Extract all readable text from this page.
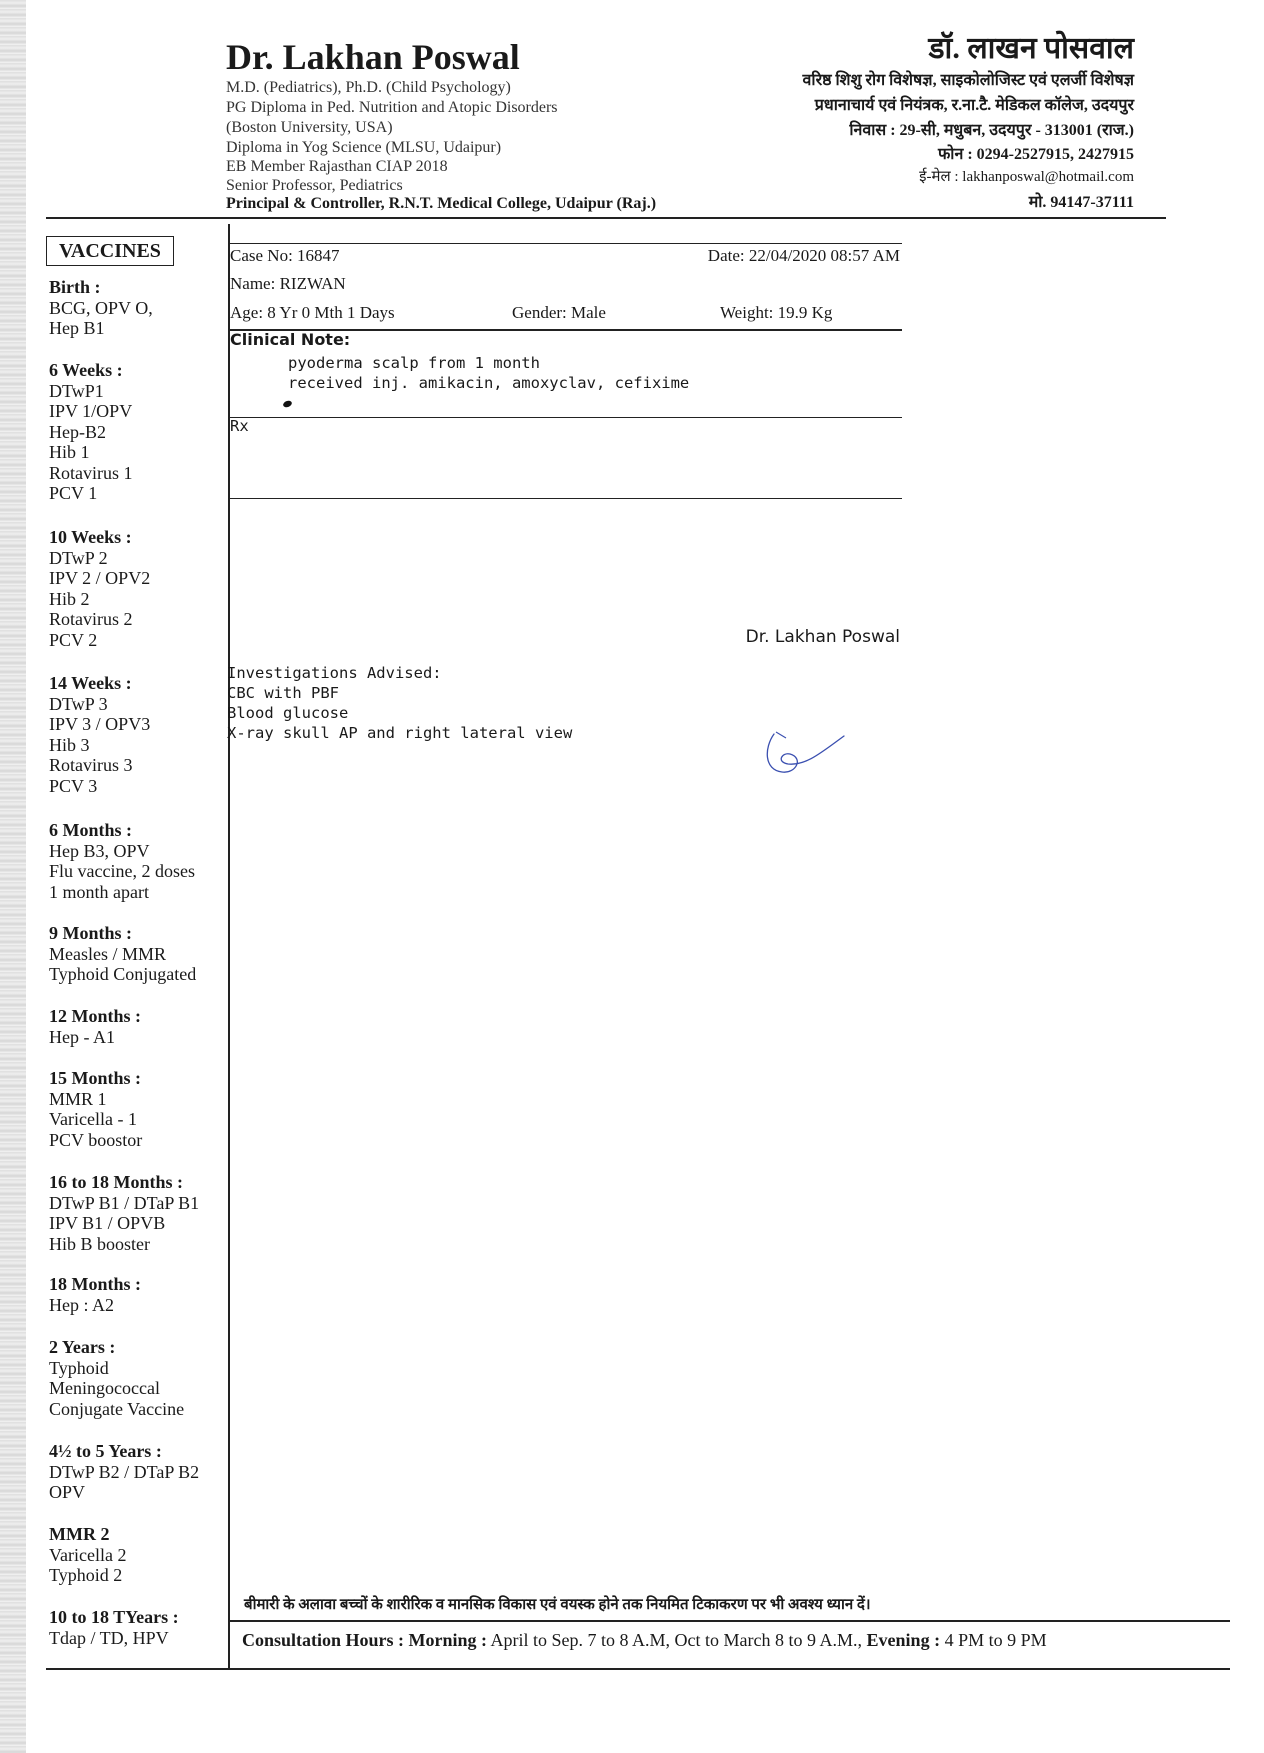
Dr. Lakhan Poswal
M.D. (Pediatrics), Ph.D. (Child Psychology)
PG Diploma in Ped. Nutrition and Atopic Disorders
(Boston University, USA)
Diploma in Yog Science (MLSU, Udaipur)
EB Member Rajasthan CIAP 2018
Senior Professor, Pediatrics
Principal & Controller, R.N.T. Medical College, Udaipur (Raj.)
डॉ. लाखन पोसवाल
वरिष्ठ शिशु रोग विशेषज्ञ, साइकोलोजिस्ट एवं एलर्जी विशेषज्ञ
प्रधानाचार्य एवं नियंत्रक, र.ना.टै. मेडिकल कॉलेज, उदयपुर
निवास : 29-सी, मधुबन, उदयपुर - 313001 (राज.)
फोन : 0294-2527915, 2427915
ई-मेल : lakhanposwal@hotmail.com
मो. 94147-37111
VACCINES
Birth :
BCG, OPV O,
Hep B1
6 Weeks :
DTwP1
IPV 1/OPV
Hep-B2
Hib 1
Rotavirus 1
PCV 1
10 Weeks :
DTwP 2
IPV 2 / OPV2
Hib 2
Rotavirus 2
PCV 2
14 Weeks :
DTwP 3
IPV 3 / OPV3
Hib 3
Rotavirus 3
PCV 3
6 Months :
Hep B3, OPV
Flu vaccine, 2 doses
1 month apart
9 Months :
Measles / MMR
Typhoid Conjugated
12 Months :
Hep - A1
15 Months :
MMR 1
Varicella - 1
PCV boostor
16 to 18 Months :
DTwP B1 / DTaP B1
IPV B1 / OPVB
Hib B booster
18 Months :
Hep : A2
2 Years :
Typhoid
Meningococcal
Conjugate Vaccine
4½ to 5 Years :
DTwP B2 / DTaP B2
OPV
MMR 2
Varicella 2
Typhoid 2
10 to 18 TYears :
Tdap / TD, HPV
Case No: 16847	Date: 22/04/2020 08:57 AM
Name: RIZWAN
Age: 8 Yr 0 Mth 1 Days	Gender: Male	Weight: 19.9 Kg
Clinical Note:
pyoderma scalp from 1 month
received inj. amikacin, amoxyclav, cefixime
Rx
Dr. Lakhan Poswal
Investigations Advised:
CBC with PBF
Blood glucose
X-ray skull AP and right lateral view
बीमारी के अलावा बच्चों के शारीरिक व मानसिक विकास एवं वयस्क होने तक नियमित टिकाकरण पर भी अवश्य ध्यान दें।
Consultation Hours : Morning : April to Sep. 7 to 8 A.M, Oct to March 8 to 9 A.M., Evening : 4 PM to 9 PM
